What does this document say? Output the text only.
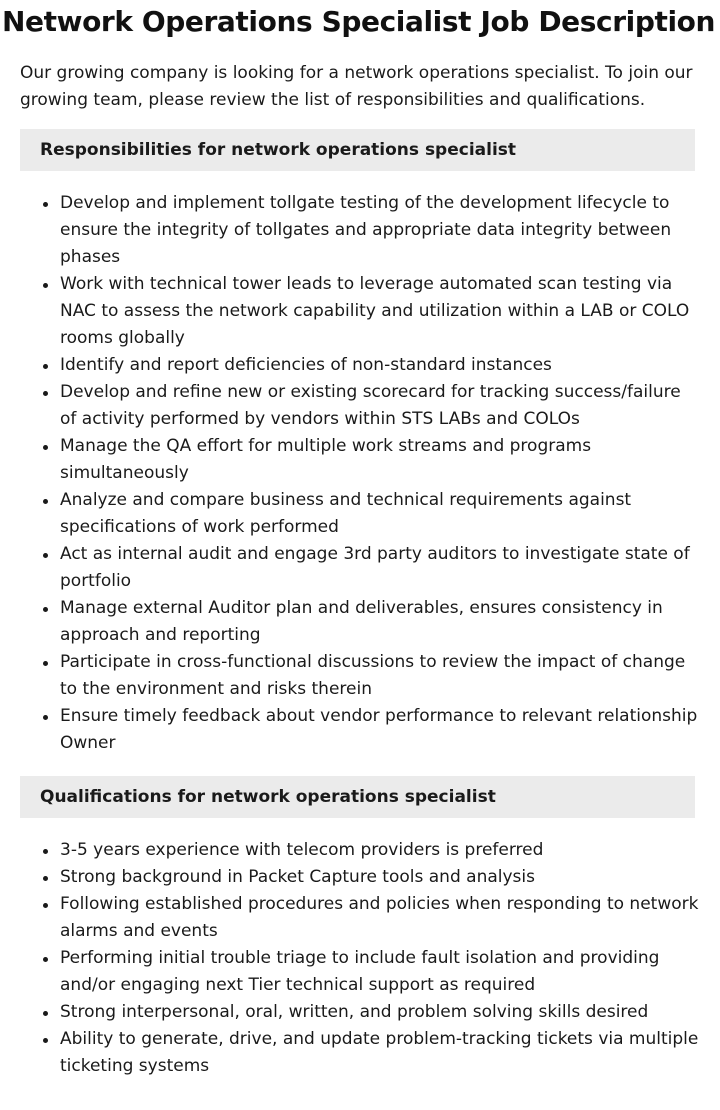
Network Operations Specialist Job Description

Our growing company is looking for a network operations specialist. To join our growing team, please review the list of responsibilities and qualifications.

Responsibilities for network operations specialist
Develop and implement tollgate testing of the development lifecycle to ensure the integrity of tollgates and appropriate data integrity between phases
Work with technical tower leads to leverage automated scan testing via NAC to assess the network capability and utilization within a LAB or COLO rooms globally
Identify and report deficiencies of non-standard instances
Develop and refine new or existing scorecard for tracking success/failure of activity performed by vendors within STS LABs and COLOs
Manage the QA effort for multiple work streams and programs simultaneously
Analyze and compare business and technical requirements against specifications of work performed
Act as internal audit and engage 3rd party auditors to investigate state of portfolio
Manage external Auditor plan and deliverables, ensures consistency in approach and reporting
Participate in cross-functional discussions to review the impact of change to the environment and risks therein
Ensure timely feedback about vendor performance to relevant relationship Owner
Qualifications for network operations specialist
3-5 years experience with telecom providers is preferred
Strong background in Packet Capture tools and analysis
Following established procedures and policies when responding to network alarms and events
Performing initial trouble triage to include fault isolation and providing and/or engaging next Tier technical support as required
Strong interpersonal, oral, written, and problem solving skills desired
Ability to generate, drive, and update problem-tracking tickets via multiple ticketing systems
